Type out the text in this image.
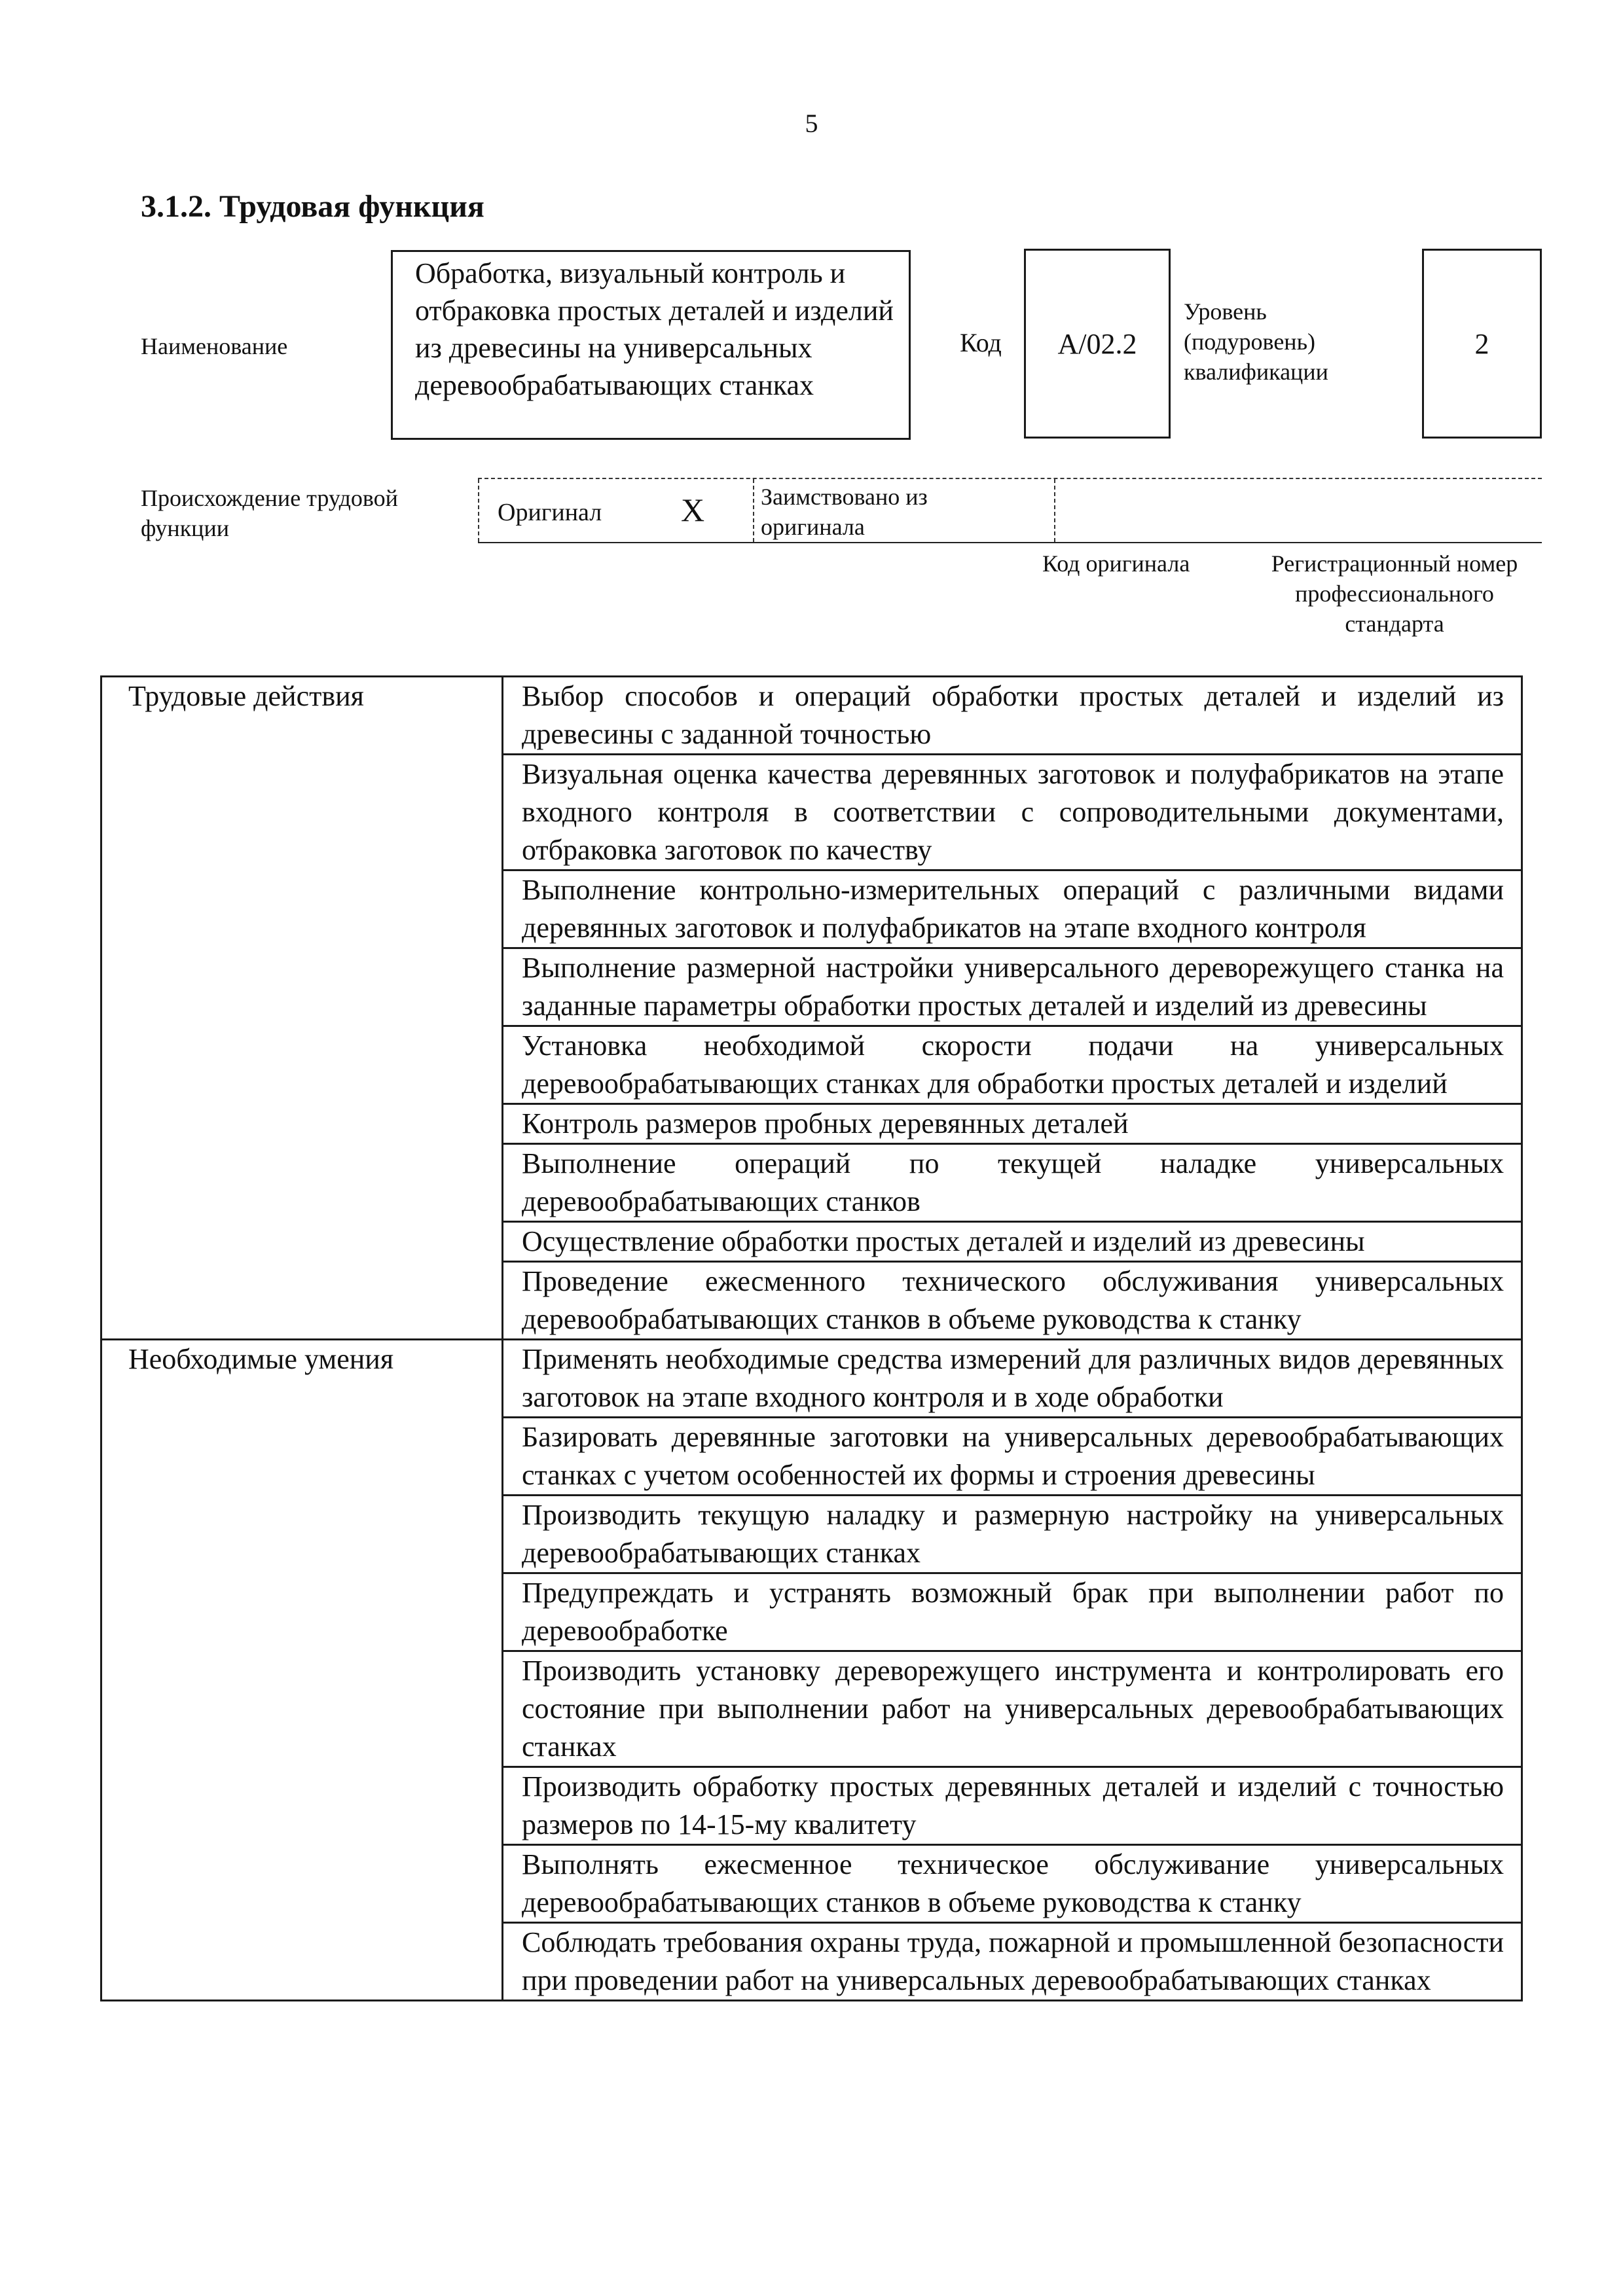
5
3.1.2. Трудовая функция
Наименование
Обработка, визуальный контроль и отбраковка простых деталей и изделий из древесины на универсальных деревообрабатывающих станках
Код A/02.2
Уровень (подуровень) квалификации
2
Происхождение трудовой функции
Оригинал X Заимствовано из оригинала
Код оригинала	Регистрационный номер профессионального стандарта
Трудовые действия	Выбор способов и операций обработки простых деталей и изделий из древесины с заданной точностью
	Визуальная оценка качества деревянных заготовок и полуфабрикатов на этапе входного контроля в соответствии с сопроводительными документами, отбраковка заготовок по качеству
	Выполнение контрольно-измерительных операций с различными видами деревянных заготовок и полуфабрикатов на этапе входного контроля
	Выполнение размерной настройки универсального дереворежущего станка на заданные параметры обработки простых деталей и изделий из древесины
	Установка необходимой скорости подачи на универсальных деревообрабатывающих станках для обработки простых деталей и изделий
	Контроль размеров пробных деревянных деталей
	Выполнение операций по текущей наладке универсальных деревообрабатывающих станков
	Осуществление обработки простых деталей и изделий из древесины
	Проведение ежесменного технического обслуживания универсальных деревообрабатывающих станков в объеме руководства к станку
Необходимые умения	Применять необходимые средства измерений для различных видов деревянных заготовок на этапе входного контроля и в ходе обработки
	Базировать деревянные заготовки на универсальных деревообрабатывающих станках с учетом особенностей их формы и строения древесины
	Производить текущую наладку и размерную настройку на универсальных деревообрабатывающих станках
	Предупреждать и устранять возможный брак при выполнении работ по деревообработке
	Производить установку дереворежущего инструмента и контролировать его состояние при выполнении работ на универсальных деревообрабатывающих станках
	Производить обработку простых деревянных деталей и изделий с точностью размеров по 14-15-му квалитету
	Выполнять ежесменное техническое обслуживание универсальных деревообрабатывающих станков в объеме руководства к станку
	Соблюдать требования охраны труда, пожарной и промышленной безопасности при проведении работ на универсальных деревообрабатывающих станках
